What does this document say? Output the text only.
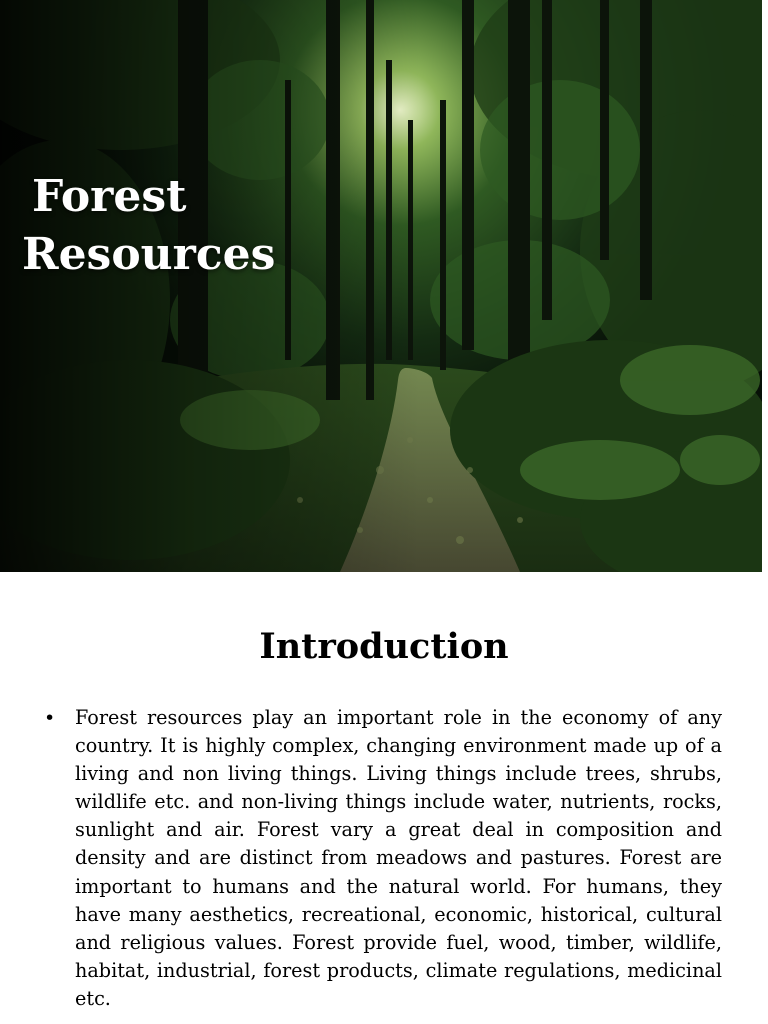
Forest
Resources
Introduction
• Forest resources play an important role in the economy of any country. It is highly complex, changing environment made up of a living and non living things. Living things include trees, shrubs, wildlife etc. and non-living things include water, nutrients, rocks, sunlight and air. Forest vary a great deal in composition and density and are distinct from meadows and pastures. Forest are important to humans and the natural world. For humans, they have many aesthetics, recreational, economic, historical, cultural and religious values. Forest provide fuel, wood, timber, wildlife, habitat, industrial, forest products, climate regulations, medicinal etc.
